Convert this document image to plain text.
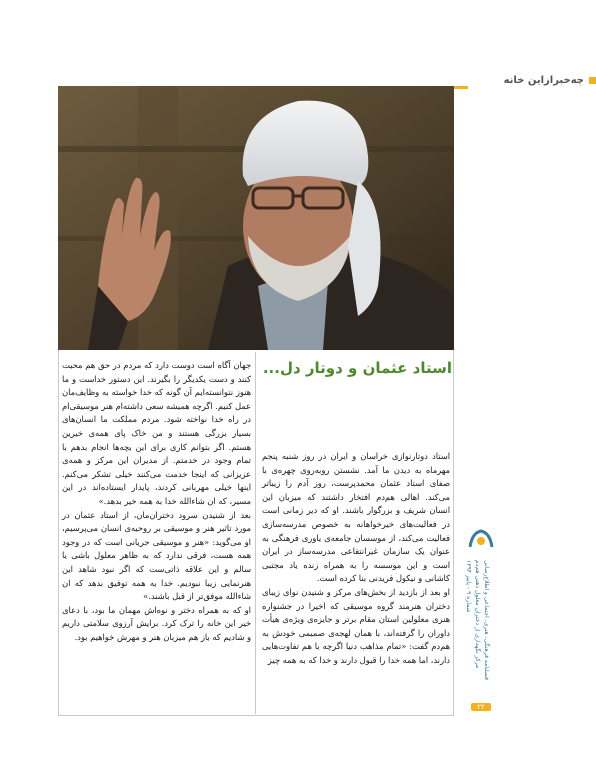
چه‌خبرازاین خانه
استاد عثمان و دوتار دل...

جهان آگاه است دوست دارد که مردم در حق هم محبت کنند و دست یکدیگر را بگیرند. این دستور خداست و ما هنوز نتوانسته‌ایم آن گونه که خدا خواسته به وظایف‌مان عمل کنیم. اگرچه همیشه سعی داشته‌ام هنر موسیقی‌ام در راه خدا نواخته شود. مردم مملکت ما انسان‌های بسیار بزرگی هستند و من خاک پای همه‌ی خیرین هستم. اگر بتوانم کاری برای این بچه‌ها انجام بدهم با تمام وجود در خدمتم. از مدیران این مرکز و همه‌ی عزیزانی که اینجا خدمت می‌کنند خیلی تشکر می‌کنم. اینها خیلی مهربانی کردند، پایدار ایستاده‌اند در این مسیر، که ان شاءالله خدا به همه خیر بدهد.»

بعد از شنیدن سرود دختران‌مان، از استاد عثمان در مورد تاثیر هنر و موسیقی بر روحیه‌ی انسان می‌پرسیم، او می‌گوید: «هنر و موسیقی جریانی است که در وجود همه هست، فرقی ندارد که به ظاهر معلول باشی یا سالم و این علاقه ذاتی‌ست که اگر نبود شاهد این هنرنمایی زیبا نبودیم. خدا به همه توفیق بدهد که ان شاءالله موفق‌تر از قبل باشند.»

او که به همراه دختر و نوه‌اش مهمان ما بود، با دعای خیر این خانه را ترک کرد. برایش آرزوی سلامتی داریم و شادیم که باز هم میزبان هنر و مهرش خواهیم بود.

استاد دوتارنوازی خراسان و ایران در روز شنبه پنجم مهرماه به دیدن ما آمد. نشستن روبه‌روی چهره‌ی با صفای استاد عثمان محمدپرست، روز آدم را زیباتر می‌کند. اهالی هم‌دم افتخار داشتند که میزبان این انسان شریف و بزرگوار باشند. او که دیر زمانی است در فعالیت‌های خیرخواهانه به خصوص مدرسه‌سازی فعالیت می‌کند، از موسسان جامعه‌ی یاوری فرهنگی به عنوان یک سازمان غیرانتفاعی مدرسه‌ساز در ایران است و این موسسه را به همراه زنده یاد مجتبی کاشانی و نیکول فریدنی بنا کرده است.

او بعد از بازدید از بخش‌های مرکز و شنیدن نوای زیبای دختران هنرمند گروه موسیقی که اخیرا در جشنواره هنری معلولین استان مقام برتر و جایزه‌ی ویژه‌ی هیأت داوران را گرفته‌اند، با همان لهجه‌ی صمیمی خودش به هم‌دم گفت: «تمام مذاهب دنیا اگرچه با هم تفاوت‌هایی دارند، اما همه خدا را قبول دارند و خدا که به همه چیز	فصلنامه فرهنگی، هنری، اجتماعی و اطلاع‌رسانی
مرکز نگهداری از دختران معلول ذهنی هم‌دم
شماره ۹ - پاییز ۱۳۹۴
۲۲
